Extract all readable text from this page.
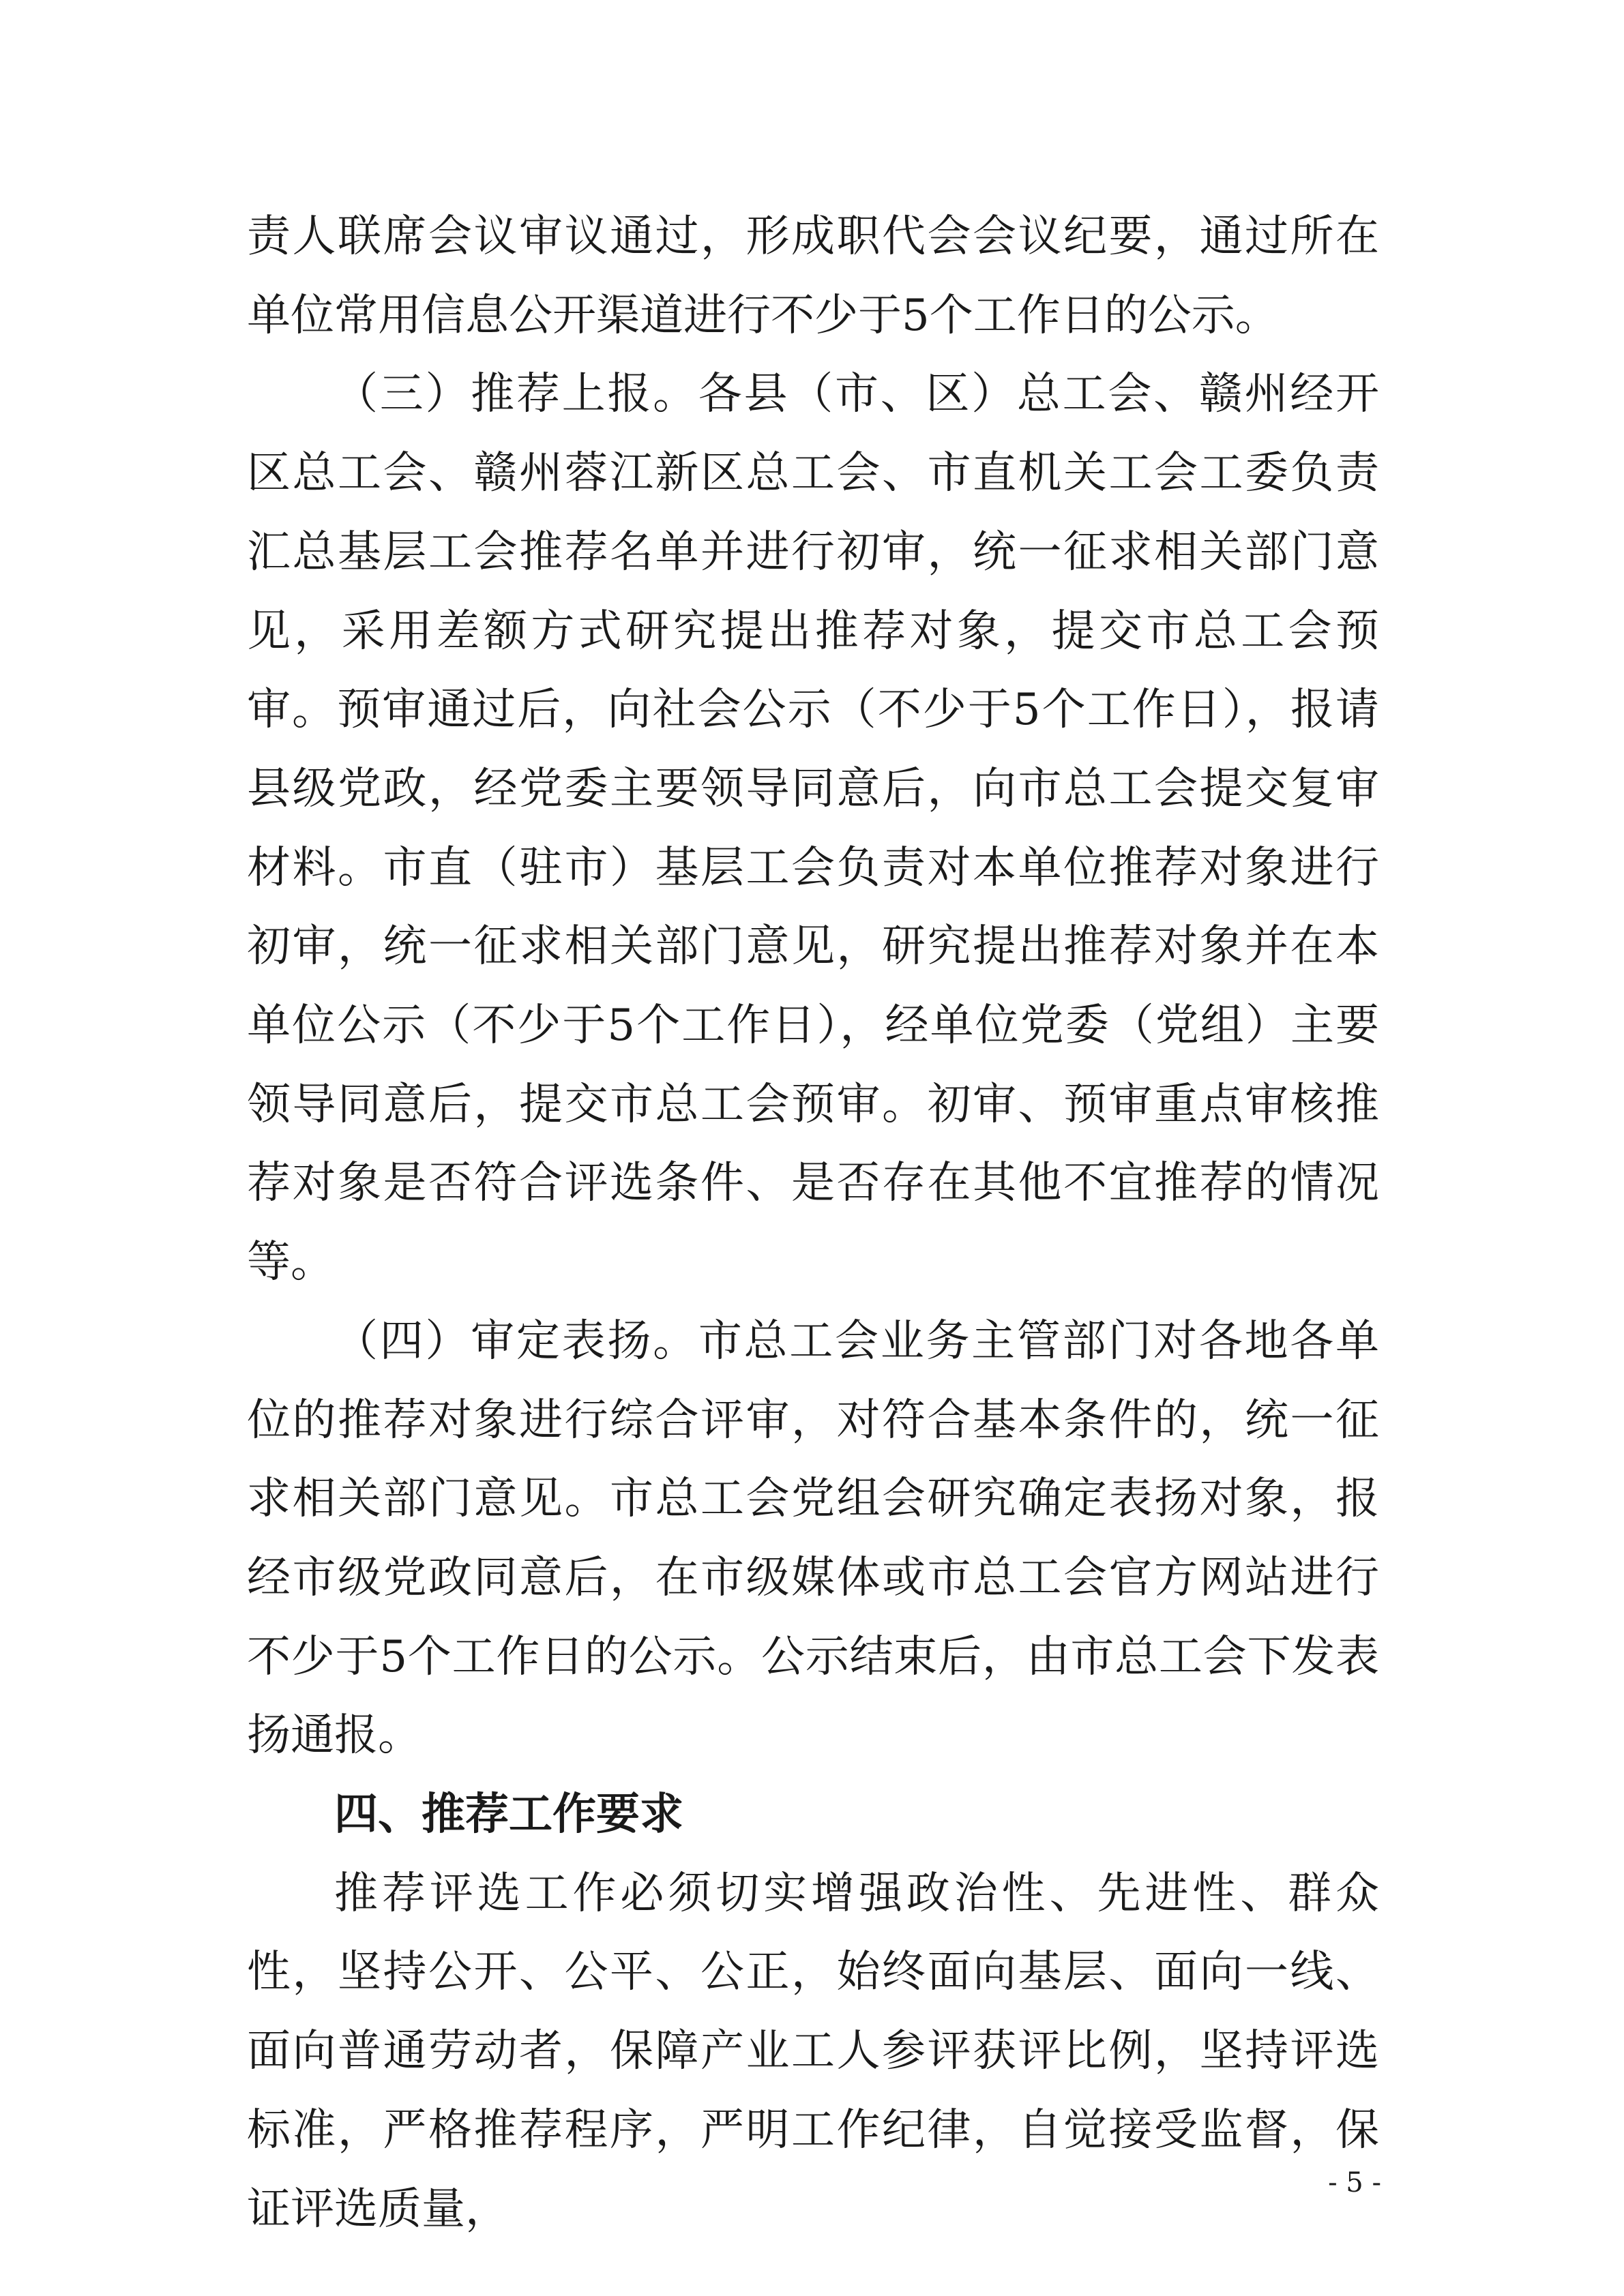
责人联席会议审议通过，形成职代会会议纪要，通过所在单位常用信息公开渠道进行不少于5个工作日的公示。

（三）推荐上报。各县（市、区）总工会、赣州经开区总工会、赣州蓉江新区总工会、市直机关工会工委负责汇总基层工会推荐名单并进行初审，统一征求相关部门意见，采用差额方式研究提出推荐对象，提交市总工会预审。预审通过后，向社会公示（不少于5个工作日），报请县级党政，经党委主要领导同意后，向市总工会提交复审材料。市直（驻市）基层工会负责对本单位推荐对象进行初审，统一征求相关部门意见，研究提出推荐对象并在本单位公示（不少于5个工作日），经单位党委（党组）主要领导同意后，提交市总工会预审。初审、预审重点审核推荐对象是否符合评选条件、是否存在其他不宜推荐的情况等。

（四）审定表扬。市总工会业务主管部门对各地各单位的推荐对象进行综合评审，对符合基本条件的，统一征求相关部门意见。市总工会党组会研究确定表扬对象，报经市级党政同意后，在市级媒体或市总工会官方网站进行不少于5个工作日的公示。公示结束后，由市总工会下发表扬通报。

四、推荐工作要求

推荐评选工作必须切实增强政治性、先进性、群众性，坚持公开、公平、公正，始终面向基层、面向一线、面向普通劳动者，保障产业工人参评获评比例，坚持评选标准，严格推荐程序，严明工作纪律，自觉接受监督，保证评选质量，

- 5 -
